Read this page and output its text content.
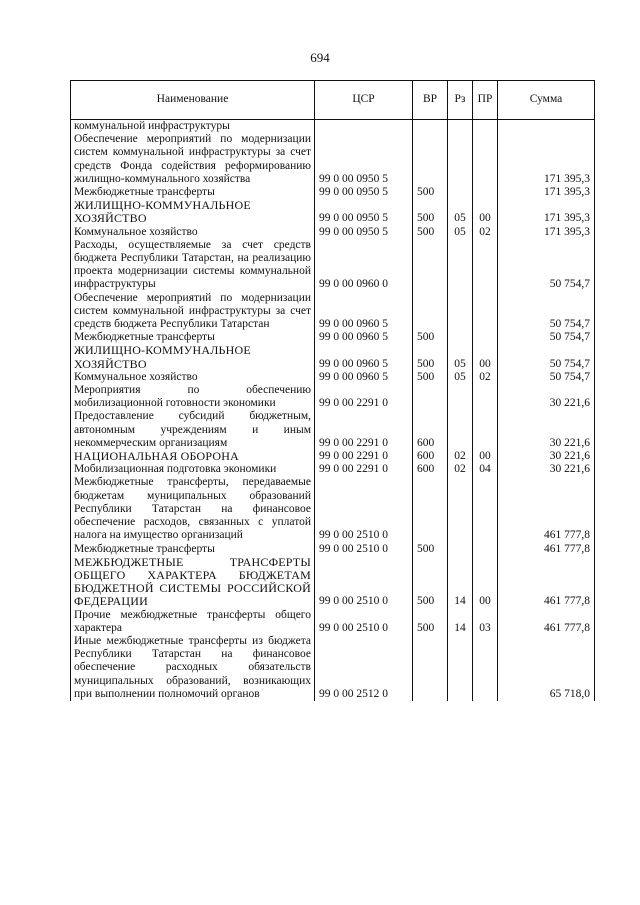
694
Наименование	ЦСР	ВР	Рз	ПР	Сумма
коммунальной инфраструктуры					
Обеспечение мероприятий по модернизации систем коммунальной инфраструктуры за счет средств Фонда содействия реформированию жилищно-коммунального хозяйства	99 0 00 0950 5				171 395,3
Межбюджетные трансферты	99 0 00 0950 5	500			171 395,3
ЖИЛИЩНО-КОММУНАЛЬНОЕ ХОЗЯЙСТВО	99 0 00 0950 5	500	05	00	171 395,3
Коммунальное хозяйство	99 0 00 0950 5	500	05	02	171 395,3
Расходы, осуществляемые за счет средств бюджета Республики Татарстан, на реализацию проекта модернизации системы коммунальной инфраструктуры	99 0 00 0960 0				50 754,7
Обеспечение мероприятий по модернизации систем коммунальной инфраструктуры за счет средств бюджета Республики Татарстан	99 0 00 0960 5				50 754,7
Межбюджетные трансферты	99 0 00 0960 5	500			50 754,7
ЖИЛИЩНО-КОММУНАЛЬНОЕ ХОЗЯЙСТВО	99 0 00 0960 5	500	05	00	50 754,7
Коммунальное хозяйство	99 0 00 0960 5	500	05	02	50 754,7
Мероприятия по обеспечению мобилизационной готовности экономики	99 0 00 2291 0				30 221,6
Предоставление субсидий бюджетным, автономным учреждениям и иным некоммерческим организациям	99 0 00 2291 0	600			30 221,6
НАЦИОНАЛЬНАЯ ОБОРОНА	99 0 00 2291 0	600	02	00	30 221,6
Мобилизационная подготовка экономики	99 0 00 2291 0	600	02	04	30 221,6
Межбюджетные трансферты, передаваемые бюджетам муниципальных образований Республики Татарстан на финансовое обеспечение расходов, связанных с уплатой налога на имущество организаций	99 0 00 2510 0				461 777,8
Межбюджетные трансферты	99 0 00 2510 0	500			461 777,8
МЕЖБЮДЖЕТНЫЕ ТРАНСФЕРТЫ ОБЩЕГО ХАРАКТЕРА БЮДЖЕТАМ БЮДЖЕТНОЙ СИСТЕМЫ РОССИЙСКОЙ ФЕДЕРАЦИИ	99 0 00 2510 0	500	14	00	461 777,8
Прочие межбюджетные трансферты общего характера	99 0 00 2510 0	500	14	03	461 777,8
Иные межбюджетные трансферты из бюджета Республики Татарстан на финансовое обеспечение расходных обязательств муниципальных образований, возникающих при выполнении полномочий органов	99 0 00 2512 0				65 718,0
